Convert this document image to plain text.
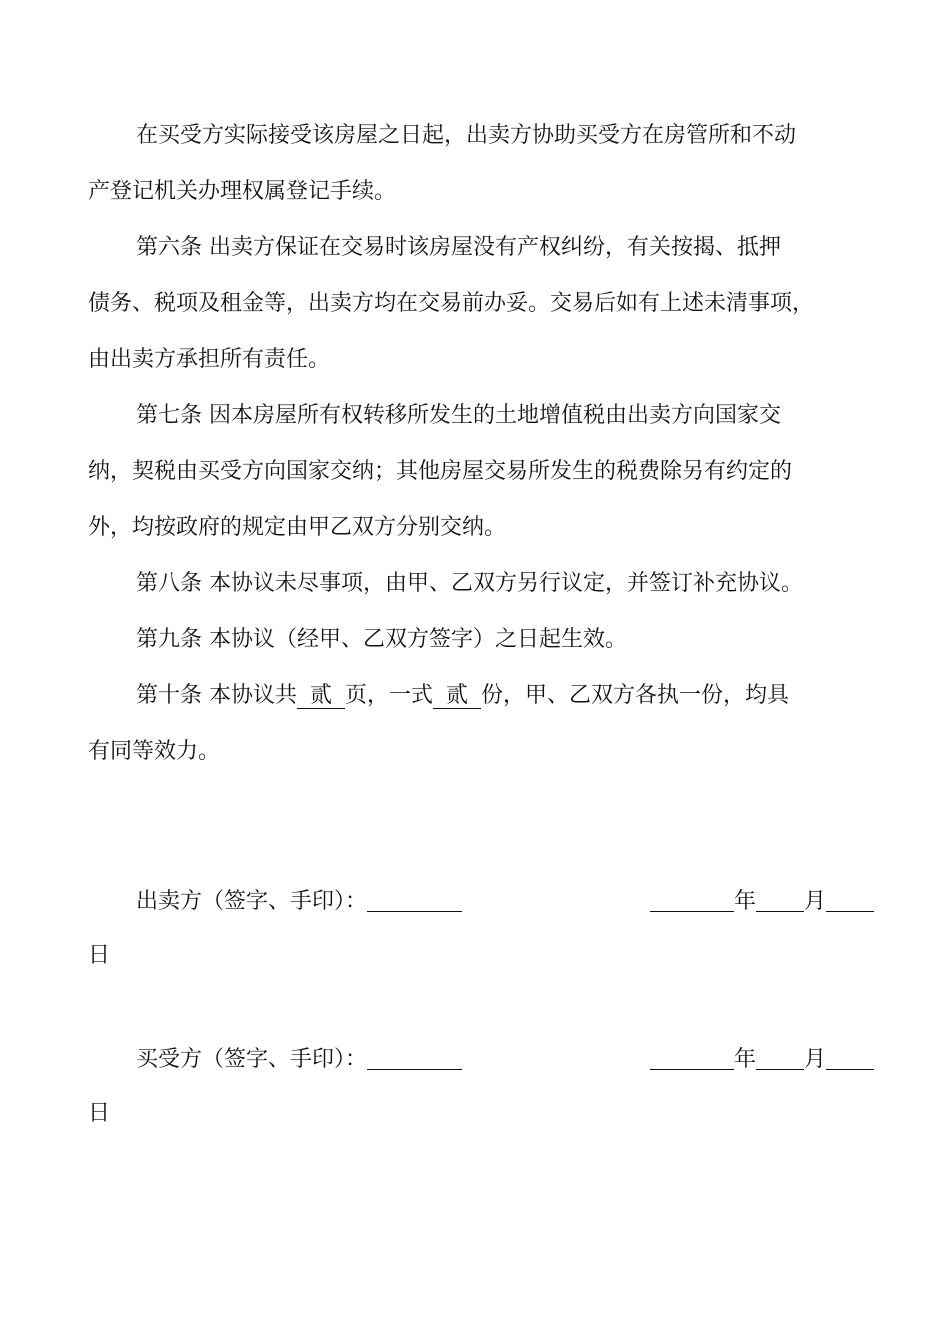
在买受方实际接受该房屋之日起，出卖方协助买受方在房管所和不动
产登记机关办理权属登记手续。
第六条 出卖方保证在交易时该房屋没有产权纠纷，有关按揭、抵押
债务、税项及租金等，出卖方均在交易前办妥。交易后如有上述未清事项，
由出卖方承担所有责任。
第七条 因本房屋所有权转移所发生的土地增值税由出卖方向国家交
纳，契税由买受方向国家交纳；其他房屋交易所发生的税费除另有约定的
外，均按政府的规定由甲乙双方分别交纳。
第八条 本协议未尽事项，由甲、乙双方另行议定，并签订补充协议。
第九条 本协议（经甲、乙双方签字）之日起生效。
第十条 本协议共 贰 页，一式 贰 份，甲、乙双方各执一份，均具
有同等效力。
出卖方（签字、手印）：	年 月
日
买受方（签字、手印）：	年 月
日
